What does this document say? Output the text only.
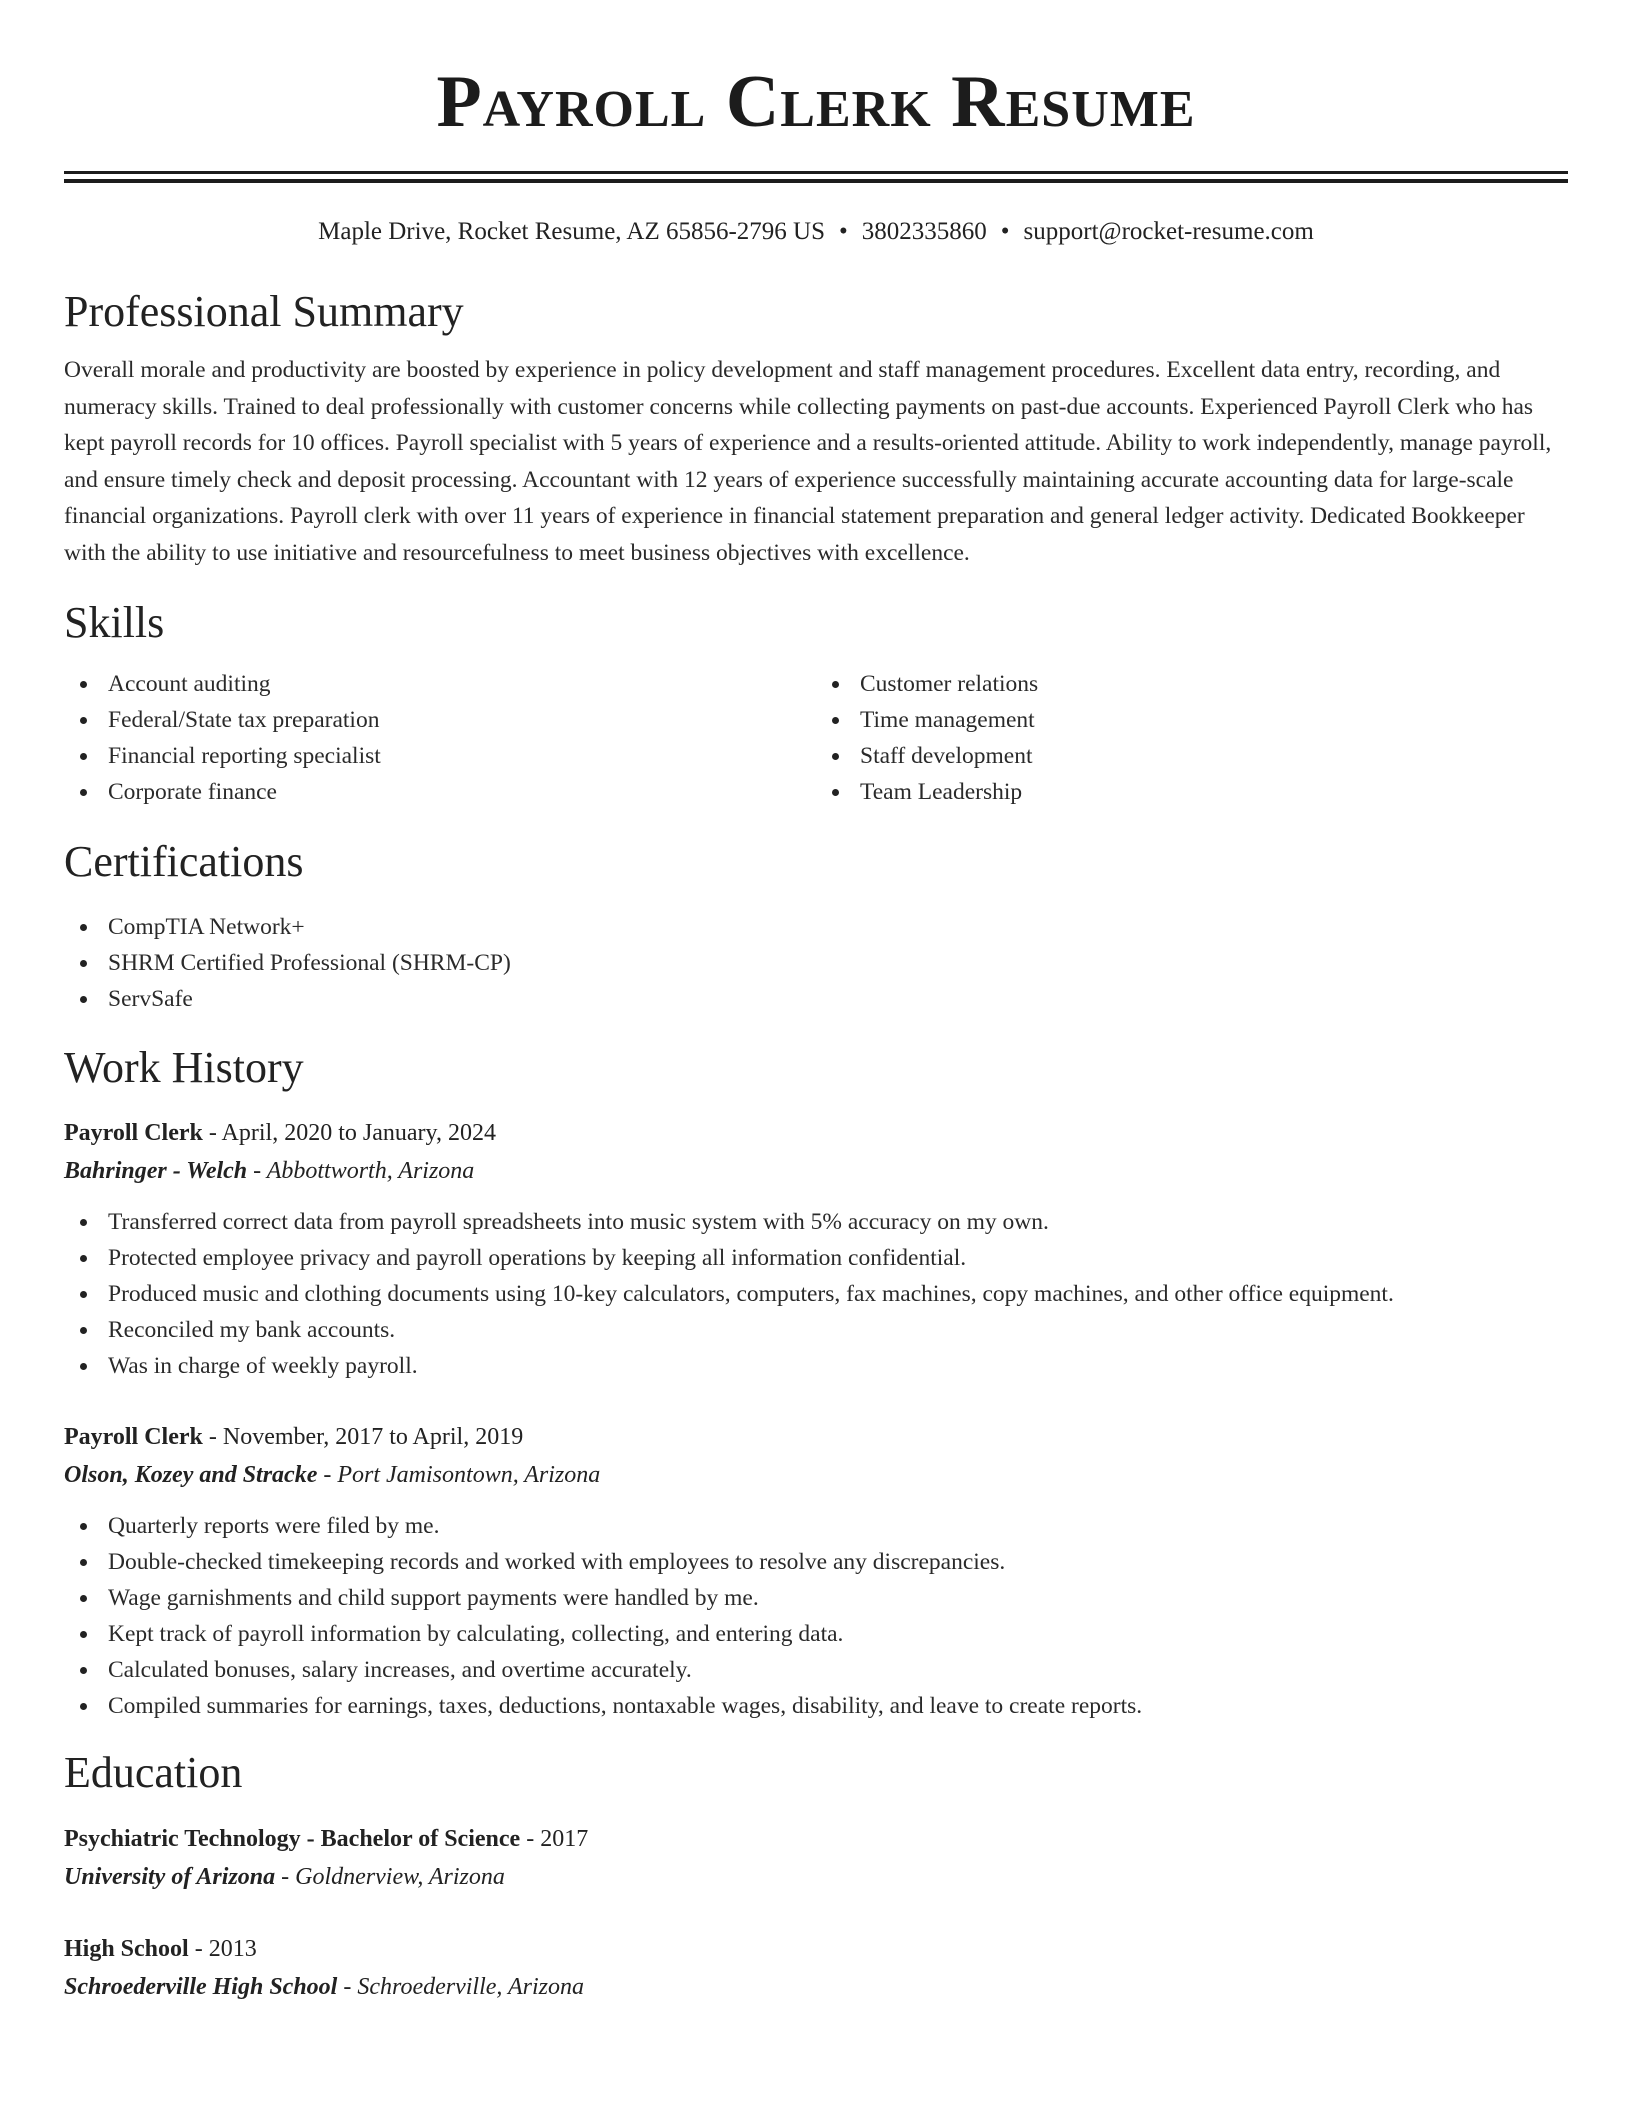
Payroll Clerk Resume
Maple Drive, Rocket Resume, AZ 65856-2796 US • 3802335860 • support@rocket-resume.com
Professional Summary

Overall morale and productivity are boosted by experience in policy development and staff management procedures. Excellent data entry, recording, and numeracy skills. Trained to deal professionally with customer concerns while collecting payments on past-due accounts. Experienced Payroll Clerk who has kept payroll records for 10 offices. Payroll specialist with 5 years of experience and a results-oriented attitude. Ability to work independently, manage payroll, and ensure timely check and deposit processing. Accountant with 12 years of experience successfully maintaining accurate accounting data for large-scale financial organizations. Payroll clerk with over 11 years of experience in financial statement preparation and general ledger activity. Dedicated Bookkeeper with the ability to use initiative and resourcefulness to meet business objectives with excellence.

Skills
Account auditing
Federal/State tax preparation
Financial reporting specialist
Corporate finance
Customer relations
Time management
Staff development
Team Leadership
Certifications
CompTIA Network+
SHRM Certified Professional (SHRM-CP)
ServSafe
Work History
Payroll Clerk - April, 2020 to January, 2024
Bahringer - Welch - Abbottworth, Arizona
Transferred correct data from payroll spreadsheets into music system with 5% accuracy on my own.
Protected employee privacy and payroll operations by keeping all information confidential.
Produced music and clothing documents using 10-key calculators, computers, fax machines, copy machines, and other office equipment.
Reconciled my bank accounts.
Was in charge of weekly payroll.
Payroll Clerk - November, 2017 to April, 2019
Olson, Kozey and Stracke - Port Jamisontown, Arizona
Quarterly reports were filed by me.
Double-checked timekeeping records and worked with employees to resolve any discrepancies.
Wage garnishments and child support payments were handled by me.
Kept track of payroll information by calculating, collecting, and entering data.
Calculated bonuses, salary increases, and overtime accurately.
Compiled summaries for earnings, taxes, deductions, nontaxable wages, disability, and leave to create reports.
Education
Psychiatric Technology - Bachelor of Science - 2017
University of Arizona - Goldnerview, Arizona
High School - 2013
Schroederville High School - Schroederville, Arizona
